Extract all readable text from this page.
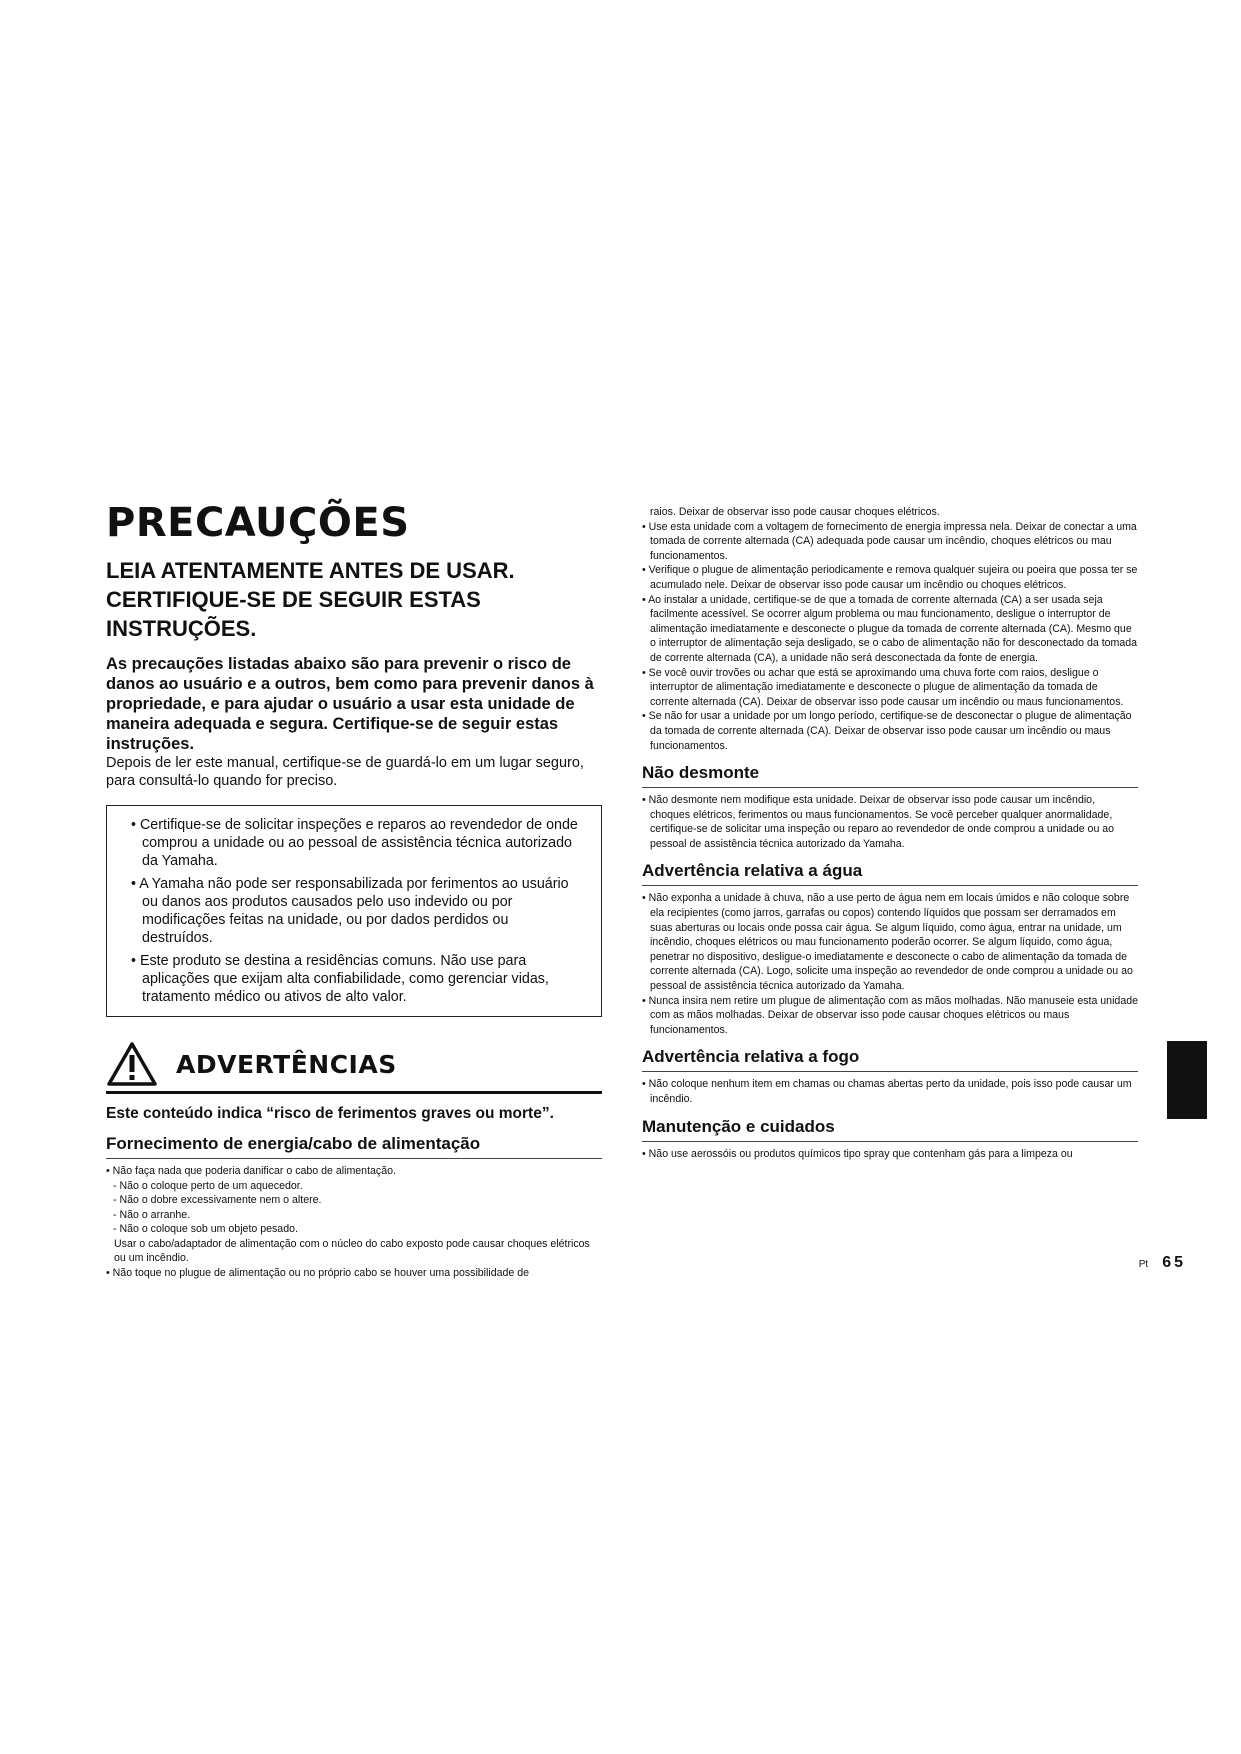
PRECAUÇÕES
LEIA ATENTAMENTE ANTES DE USAR.
CERTIFIQUE-SE DE SEGUIR ESTAS
INSTRUÇÕES.

As precauções listadas abaixo são para prevenir o risco de danos ao usuário e a outros, bem como para prevenir danos à propriedade, e para ajudar o usuário a usar esta unidade de maneira adequada e segura. Certifique-se de seguir estas instruções.

Depois de ler este manual, certifique-se de guardá-lo em um lugar seguro, para consultá-lo quando for preciso.

• Certifique-se de solicitar inspeções e reparos ao revendedor de onde comprou a unidade ou ao pessoal de assistência técnica autorizado da Yamaha.
• A Yamaha não pode ser responsabilizada por ferimentos ao usuário ou danos aos produtos causados pelo uso indevido ou por modificações feitas na unidade, ou por dados perdidos ou destruídos.
• Este produto se destina a residências comuns. Não use para aplicações que exijam alta confiabilidade, como gerenciar vidas, tratamento médico ou ativos de alto valor.
ADVERTÊNCIAS

Este conteúdo indica “risco de ferimentos graves ou morte”.

Fornecimento de energia/cabo de alimentação
• Não faça nada que poderia danificar o cabo de alimentação.
- Não o coloque perto de um aquecedor.
- Não o dobre excessivamente nem o altere.
- Não o arranhe.
- Não o coloque sob um objeto pesado.
Usar o cabo/adaptador de alimentação com o núcleo do cabo exposto pode causar choques elétricos ou um incêndio.
• Não toque no plugue de alimentação ou no próprio cabo se houver uma possibilidade de
raios. Deixar de observar isso pode causar choques elétricos.
• Use esta unidade com a voltagem de fornecimento de energia impressa nela. Deixar de conectar a uma tomada de corrente alternada (CA) adequada pode causar um incêndio, choques elétricos ou mau funcionamentos.
• Verifique o plugue de alimentação periodicamente e remova qualquer sujeira ou poeira que possa ter se acumulado nele. Deixar de observar isso pode causar um incêndio ou choques elétricos.
• Ao instalar a unidade, certifique-se de que a tomada de corrente alternada (CA) a ser usada seja facilmente acessível. Se ocorrer algum problema ou mau funcionamento, desligue o interruptor de alimentação imediatamente e desconecte o plugue da tomada de corrente alternada (CA). Mesmo que o interruptor de alimentação seja desligado, se o cabo de alimentação não for desconectado da tomada de corrente alternada (CA), a unidade não será desconectada da fonte de energia.
• Se você ouvir trovões ou achar que está se aproximando uma chuva forte com raios, desligue o interruptor de alimentação imediatamente e desconecte o plugue de alimentação da tomada de corrente alternada (CA). Deixar de observar isso pode causar um incêndio ou maus funcionamentos.
• Se não for usar a unidade por um longo período, certifique-se de desconectar o plugue de alimentação da tomada de corrente alternada (CA). Deixar de observar isso pode causar um incêndio ou maus funcionamentos.
Não desmonte
• Não desmonte nem modifique esta unidade. Deixar de observar isso pode causar um incêndio, choques elétricos, ferimentos ou maus funcionamentos. Se você perceber qualquer anormalidade, certifique-se de solicitar uma inspeção ou reparo ao revendedor de onde comprou a unidade ou ao pessoal de assistência técnica autorizado da Yamaha.
Advertência relativa a água
• Não exponha a unidade à chuva, não a use perto de água nem em locais úmidos e não coloque sobre ela recipientes (como jarros, garrafas ou copos) contendo líquidos que possam ser derramados em suas aberturas ou locais onde possa cair água. Se algum líquido, como água, entrar na unidade, um incêndio, choques elétricos ou mau funcionamento poderão ocorrer. Se algum líquido, como água, penetrar no dispositivo, desligue-o imediatamente e desconecte o cabo de alimentação da tomada de corrente alternada (CA). Logo, solicite uma inspeção ao revendedor de onde comprou a unidade ou ao pessoal de assistência técnica autorizado da Yamaha.
• Nunca insira nem retire um plugue de alimentação com as mãos molhadas. Não manuseie esta unidade com as mãos molhadas. Deixar de observar isso pode causar choques elétricos ou maus funcionamentos.
Advertência relativa a fogo
• Não coloque nenhum item em chamas ou chamas abertas perto da unidade, pois isso pode causar um incêndio.
Manutenção e cuidados
• Não use aerossóis ou produtos químicos tipo spray que contenham gás para a limpeza ou
Pt 65
